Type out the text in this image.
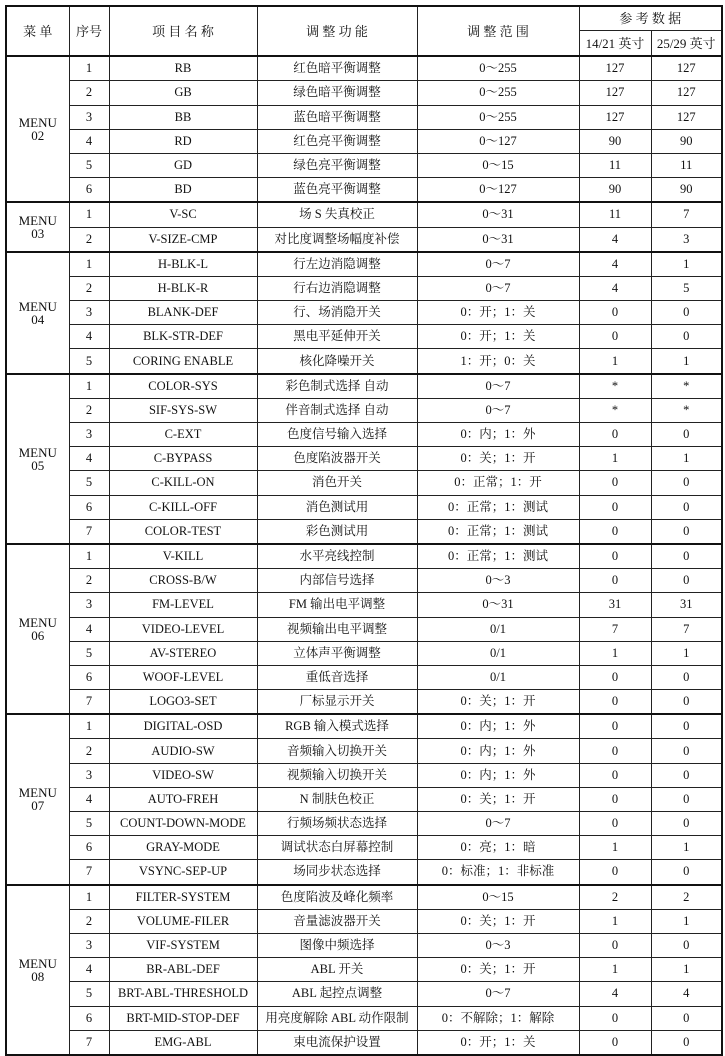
菜 单	序号	项 目 名 称	调 整 功 能	调 整 范 围	参 考 数 据	
					14/21 英寸	25/29 英寸

MENU
02	1	RB	红色暗平衡调整	0～255	127	127
	2	GB	绿色暗平衡调整	0～255	127	127
	3	BB	蓝色暗平衡调整	0～255	127	127
	4	RD	红色亮平衡调整	0～127	90	90
	5	GD	绿色亮平衡调整	0～15	11	11
	6	BD	蓝色亮平衡调整	0～127	90	90

MENU
03	1	V-SC	场 S 失真校正	0～31	11	7
	2	V-SIZE-CMP	对比度调整场幅度补偿	0～31	4	3

MENU
04	1	H-BLK-L	行左边消隐调整	0～7	4	1
	2	H-BLK-R	行右边消隐调整	0～7	4	5
	3	BLANK-DEF	行、场消隐开关	0：开；1：关	0	0
	4	BLK-STR-DEF	黑电平延伸开关	0：开；1：关	0	0
	5	CORING ENABLE	核化降噪开关	1：开；0：关	1	1

MENU
05	1	COLOR-SYS	彩色制式选择 自动	0～7	*	*
	2	SIF-SYS-SW	伴音制式选择 自动	0～7	*	*
	3	C-EXT	色度信号输入选择	0：内；1：外	0	0
	4	C-BYPASS	色度陷波器开关	0：关；1：开	1	1
	5	C-KILL-ON	消色开关	0：正常；1：开	0	0
	6	C-KILL-OFF	消色测试用	0：正常；1：测试	0	0
	7	COLOR-TEST	彩色测试用	0：正常；1：测试	0	0

MENU
06	1	V-KILL	水平亮线控制	0：正常；1：测试	0	0
	2	CROSS-B/W	内部信号选择	0～3	0	0
	3	FM-LEVEL	FM 输出电平调整	0～31	31	31
	4	VIDEO-LEVEL	视频输出电平调整	0/1	7	7
	5	AV-STEREO	立体声平衡调整	0/1	1	1
	6	WOOF-LEVEL	重低音选择	0/1	0	0
	7	LOGO3-SET	厂标显示开关	0：关；1：开	0	0

MENU
07	1	DIGITAL-OSD	RGB 输入模式选择	0：内；1：外	0	0
	2	AUDIO-SW	音频输入切换开关	0：内；1：外	0	0
	3	VIDEO-SW	视频输入切换开关	0：内；1：外	0	0
	4	AUTO-FREH	N 制肤色校正	0：关；1：开	0	0
	5	COUNT-DOWN-MODE	行频场频状态选择	0～7	0	0
	6	GRAY-MODE	调试状态白屏幕控制	0：亮；1：暗	1	1
	7	VSYNC-SEP-UP	场同步状态选择	0：标准；1：非标准	0	0

MENU
08	1	FILTER-SYSTEM	色度陷波及峰化频率	0～15	2	2
	2	VOLUME-FILER	音量滤波器开关	0：关；1：开	1	1
	3	VIF-SYSTEM	图像中频选择	0～3	0	0
	4	BR-ABL-DEF	ABL 开关	0：关；1：开	1	1
	5	BRT-ABL-THRESHOLD	ABL 起控点调整	0～7	4	4
	6	BRT-MID-STOP-DEF	用亮度解除 ABL 动作限制	0：不解除；1：解除	0	0
	7	EMG-ABL	束电流保护设置	0：开；1：关	0	0
